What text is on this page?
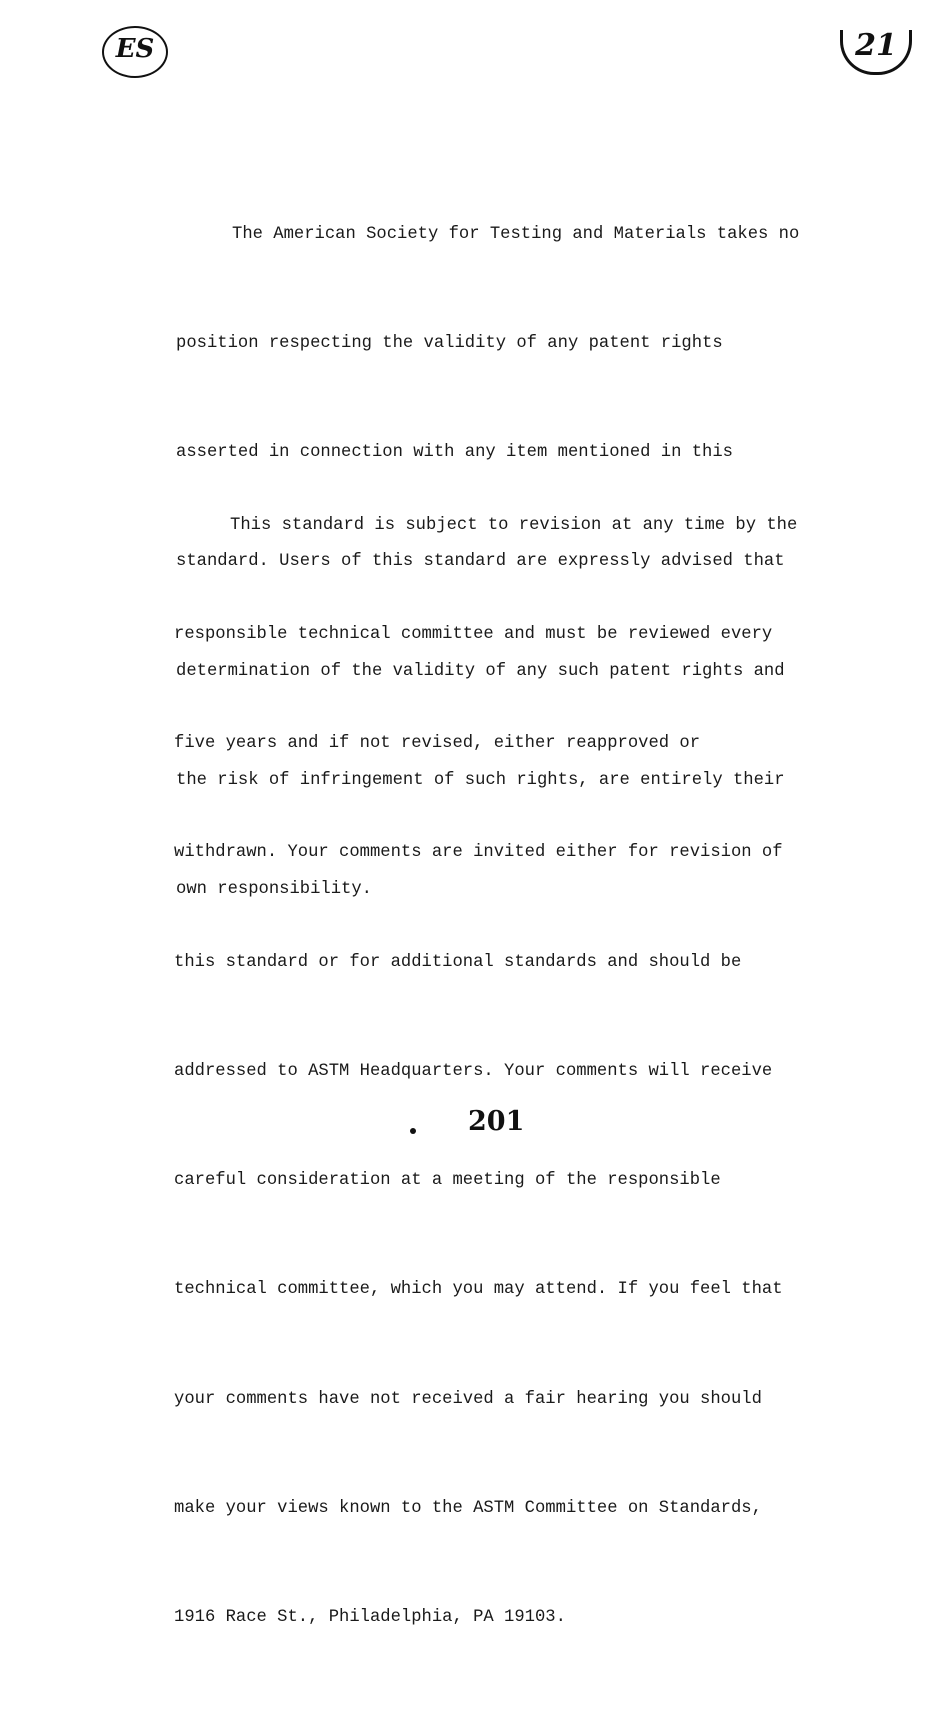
ES	21

The American Society for Testing and Materials takes no

position respecting the validity of any patent rights

asserted in connection with any item mentioned in this

standard. Users of this standard are expressly advised that

determination of the validity of any such patent rights and

the risk of infringement of such rights, are entirely their

own responsibility.

This standard is subject to revision at any time by the

responsible technical committee and must be reviewed every

five years and if not revised, either reapproved or

withdrawn. Your comments are invited either for revision of

this standard or for additional standards and should be

addressed to ASTM Headquarters. Your comments will receive

careful consideration at a meeting of the responsible

technical committee, which you may attend. If you feel that

your comments have not received a fair hearing you should

make your views known to the ASTM Committee on Standards,

1916 Race St., Philadelphia, PA 19103.

201
